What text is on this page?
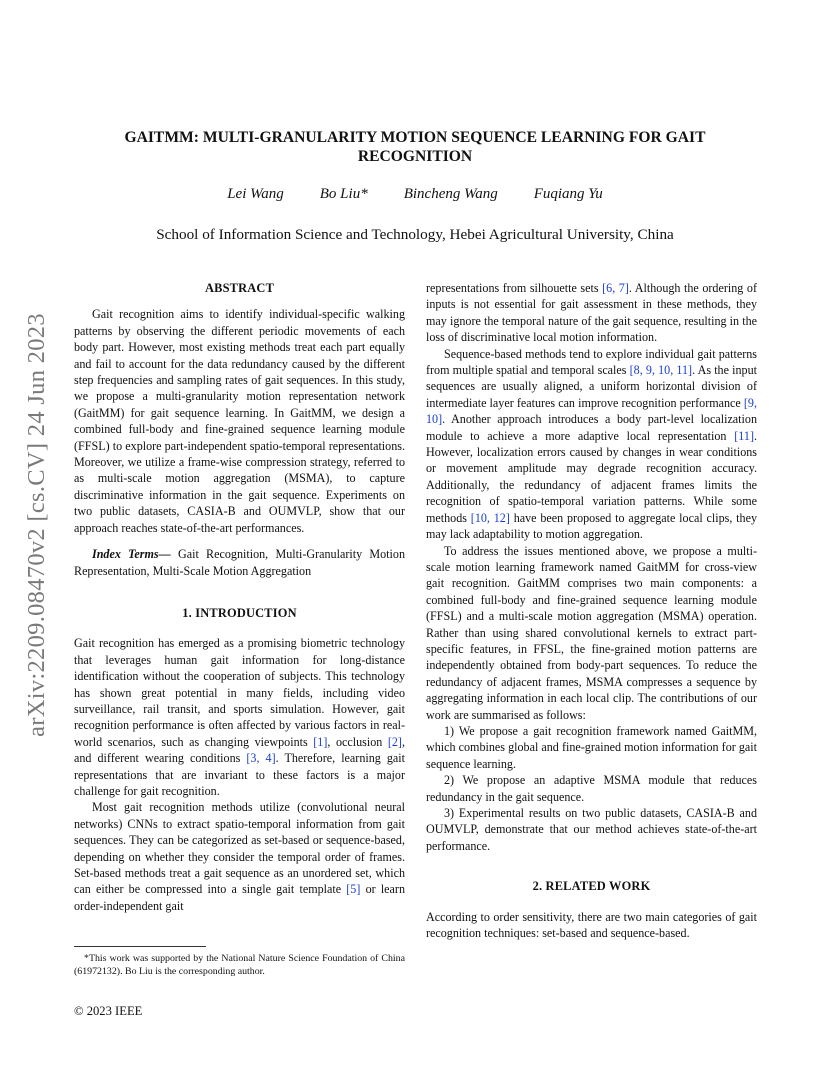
arXiv:2209.08470v2 [cs.CV] 24 Jun 2023
GAITMM: MULTI-GRANULARITY MOTION SEQUENCE LEARNING FOR GAIT RECOGNITION
Lei Wang Bo Liu* Bincheng Wang Fuqiang Yu
School of Information Science and Technology, Hebei Agricultural University, China
ABSTRACT

Gait recognition aims to identify individual-specific walking patterns by observing the different periodic movements of each body part. However, most existing methods treat each part equally and fail to account for the data redundancy caused by the different step frequencies and sampling rates of gait sequences. In this study, we propose a multi-granularity motion representation network (GaitMM) for gait sequence learning. In GaitMM, we design a combined full-body and fine-grained sequence learning module (FFSL) to explore part-independent spatio-temporal representations. Moreover, we utilize a frame-wise compression strategy, referred to as multi-scale motion aggregation (MSMA), to capture discriminative information in the gait sequence. Experiments on two public datasets, CASIA-B and OUMVLP, show that our approach reaches state-of-the-art performances.

Index Terms— Gait Recognition, Multi-Granularity Motion Representation, Multi-Scale Motion Aggregation

1. INTRODUCTION

Gait recognition has emerged as a promising biometric technology that leverages human gait information for long-distance identification without the cooperation of subjects. This technology has shown great potential in many fields, including video surveillance, rail transit, and sports simulation. However, gait recognition performance is often affected by various factors in real-world scenarios, such as changing viewpoints [1], occlusion [2], and different wearing conditions [3, 4]. Therefore, learning gait representations that are invariant to these factors is a major challenge for gait recognition.

Most gait recognition methods utilize (convolutional neural networks) CNNs to extract spatio-temporal information from gait sequences. They can be categorized as set-based or sequence-based, depending on whether they consider the temporal order of frames. Set-based methods treat a gait sequence as an unordered set, which can either be compressed into a single gait template [5] or learn order-independent gait

representations from silhouette sets [6, 7]. Although the ordering of inputs is not essential for gait assessment in these methods, they may ignore the temporal nature of the gait sequence, resulting in the loss of discriminative local motion information.

Sequence-based methods tend to explore individual gait patterns from multiple spatial and temporal scales [8, 9, 10, 11]. As the input sequences are usually aligned, a uniform horizontal division of intermediate layer features can improve recognition performance [9, 10]. Another approach introduces a body part-level localization module to achieve a more adaptive local representation [11]. However, localization errors caused by changes in wear conditions or movement amplitude may degrade recognition accuracy. Additionally, the redundancy of adjacent frames limits the recognition of spatio-temporal variation patterns. While some methods [10, 12] have been proposed to aggregate local clips, they may lack adaptability to motion aggregation.

To address the issues mentioned above, we propose a multi-scale motion learning framework named GaitMM for cross-view gait recognition. GaitMM comprises two main components: a combined full-body and fine-grained sequence learning module (FFSL) and a multi-scale motion aggregation (MSMA) operation. Rather than using shared convolutional kernels to extract part-specific features, in FFSL, the fine-grained motion patterns are independently obtained from body-part sequences. To reduce the redundancy of adjacent frames, MSMA compresses a sequence by aggregating information in each local clip. The contributions of our work are summarised as follows:

1) We propose a gait recognition framework named GaitMM, which combines global and fine-grained motion information for gait sequence learning.

2) We propose an adaptive MSMA module that reduces redundancy in the gait sequence.

3) Experimental results on two public datasets, CASIA-B and OUMVLP, demonstrate that our method achieves state-of-the-art performance.

2. RELATED WORK

According to order sensitivity, there are two main categories of gait recognition techniques: set-based and sequence-based.

*This work was supported by the National Nature Science Foundation of China (61972132). Bo Liu is the corresponding author.
© 2023 IEEE
